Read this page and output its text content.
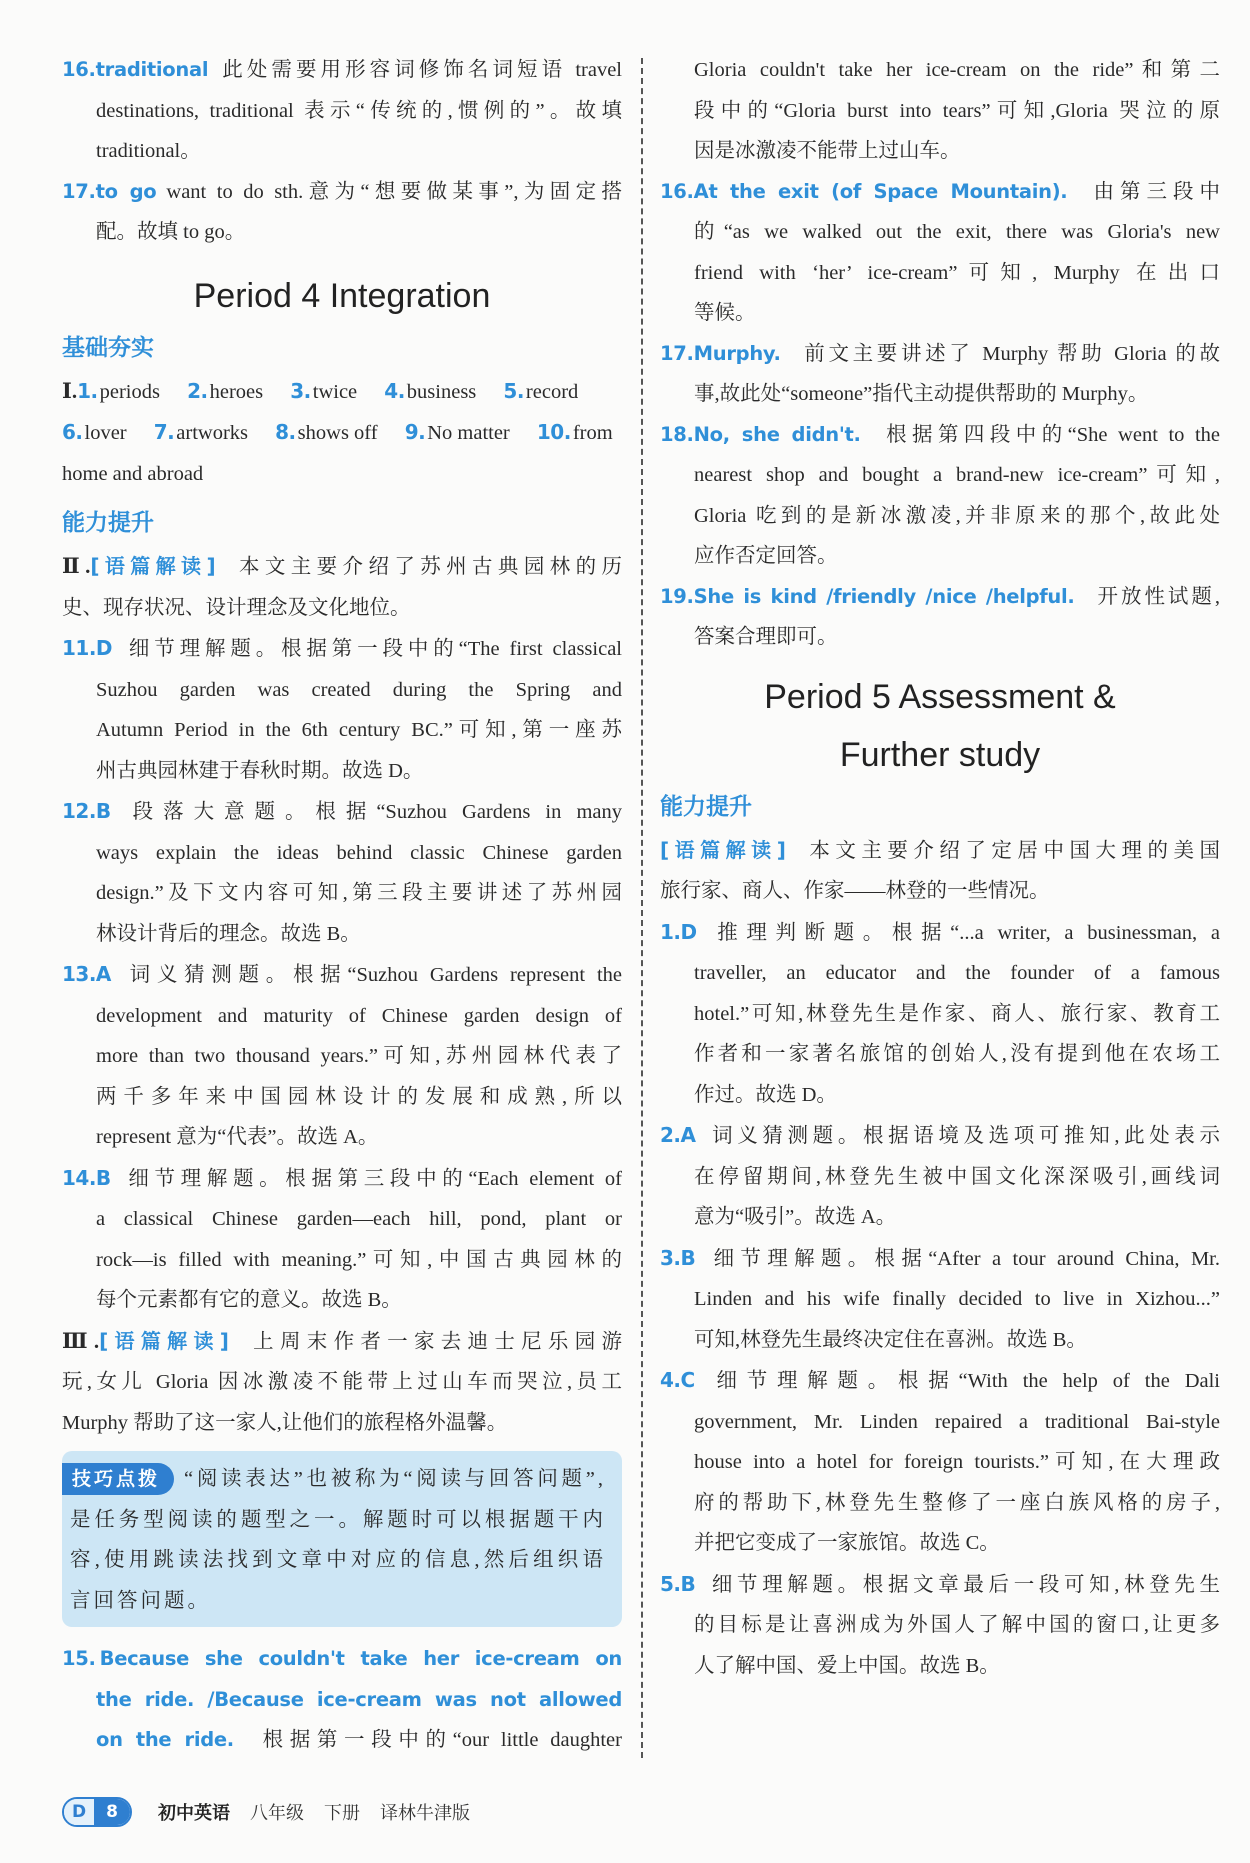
16.traditional 此处需要用形容词修饰名词短语 travel
destinations, traditional 表示“传统的,惯例的”。故填
traditional。
17.to go want to do sth.意为“想要做某事”,为固定搭
配。故填 to go。
Period 4 Integration
基础夯实
Ⅰ.1.periods 2.heroes 3.twice 4.business 5.record
6.lover 7.artworks 8.shows off 9.No matter 10.from
home and abroad
能力提升
Ⅱ.[语篇解读] 本文主要介绍了苏州古典园林的历
史、现存状况、设计理念及文化地位。
11.D 细节理解题。根据第一段中的“The first classical
Suzhou garden was created during the Spring and
Autumn Period in the 6th century BC.”可知,第一座苏
州古典园林建于春秋时期。故选 D。
12.B 段落大意题。根据“Suzhou Gardens in many
ways explain the ideas behind classic Chinese garden
design.”及下文内容可知,第三段主要讲述了苏州园
林设计背后的理念。故选 B。
13.A 词义猜测题。根据“Suzhou Gardens represent the
development and maturity of Chinese garden design of
more than two thousand years.”可知,苏州园林代表了
两千多年来中国园林设计的发展和成熟,所以
represent 意为“代表”。故选 A。
14.B 细节理解题。根据第三段中的“Each element of
a classical Chinese garden—each hill, pond, plant or
rock—is filled with meaning.”可知,中国古典园林的
每个元素都有它的意义。故选 B。
Ⅲ.[语篇解读] 上周末作者一家去迪士尼乐园游
玩,女儿 Gloria 因冰激凌不能带上过山车而哭泣,员工
Murphy 帮助了这一家人,让他们的旅程格外温馨。
技巧点拨 “阅读表达”也被称为“阅读与回答问题”,
是任务型阅读的题型之一。解题时可以根据题干内
容,使用跳读法找到文章中对应的信息,然后组织语
言回答问题。
15. Because she couldn't take her ice-cream on
the ride. /Because ice-cream was not allowed
on the ride. 根据第一段中的“our little daughter
Gloria couldn't take her ice-cream on the ride”和第二
段中的“Gloria burst into tears”可知,Gloria 哭泣的原
因是冰激凌不能带上过山车。
16.At the exit (of Space Mountain). 由第三段中
的“as we walked out the exit, there was Gloria's new
friend with ‘her’ ice-cream”可知, Murphy 在出口
等候。
17.Murphy. 前文主要讲述了 Murphy 帮助 Gloria 的故
事,故此处“someone”指代主动提供帮助的 Murphy。
18.No, she didn't. 根据第四段中的“She went to the
nearest shop and bought a brand-new ice-cream”可知,
Gloria 吃到的是新冰激凌,并非原来的那个,故此处
应作否定回答。
19.She is kind /friendly /nice /helpful. 开放性试题,
答案合理即可。
Period 5 Assessment &
Further study
能力提升
[语篇解读] 本文主要介绍了定居中国大理的美国
旅行家、商人、作家——林登的一些情况。
1.D 推理判断题。根据“...a writer, a businessman, a
traveller, an educator and the founder of a famous
hotel.”可知,林登先生是作家、商人、旅行家、教育工
作者和一家著名旅馆的创始人,没有提到他在农场工
作过。故选 D。
2.A 词义猜测题。根据语境及选项可推知,此处表示
在停留期间,林登先生被中国文化深深吸引,画线词
意为“吸引”。故选 A。
3.B 细节理解题。根据“After a tour around China, Mr.
Linden and his wife finally decided to live in Xizhou...”
可知,林登先生最终决定住在喜洲。故选 B。
4.C 细节理解题。根据“With the help of the Dali
government, Mr. Linden repaired a traditional Bai-style
house into a hotel for foreign tourists.”可知,在大理政
府的帮助下,林登先生整修了一座白族风格的房子,
并把它变成了一家旅馆。故选 C。
5.B 细节理解题。根据文章最后一段可知,林登先生
的目标是让喜洲成为外国人了解中国的窗口,让更多
人了解中国、爱上中国。故选 B。
D	8	初中英语 八年级 下册 译林牛津版
